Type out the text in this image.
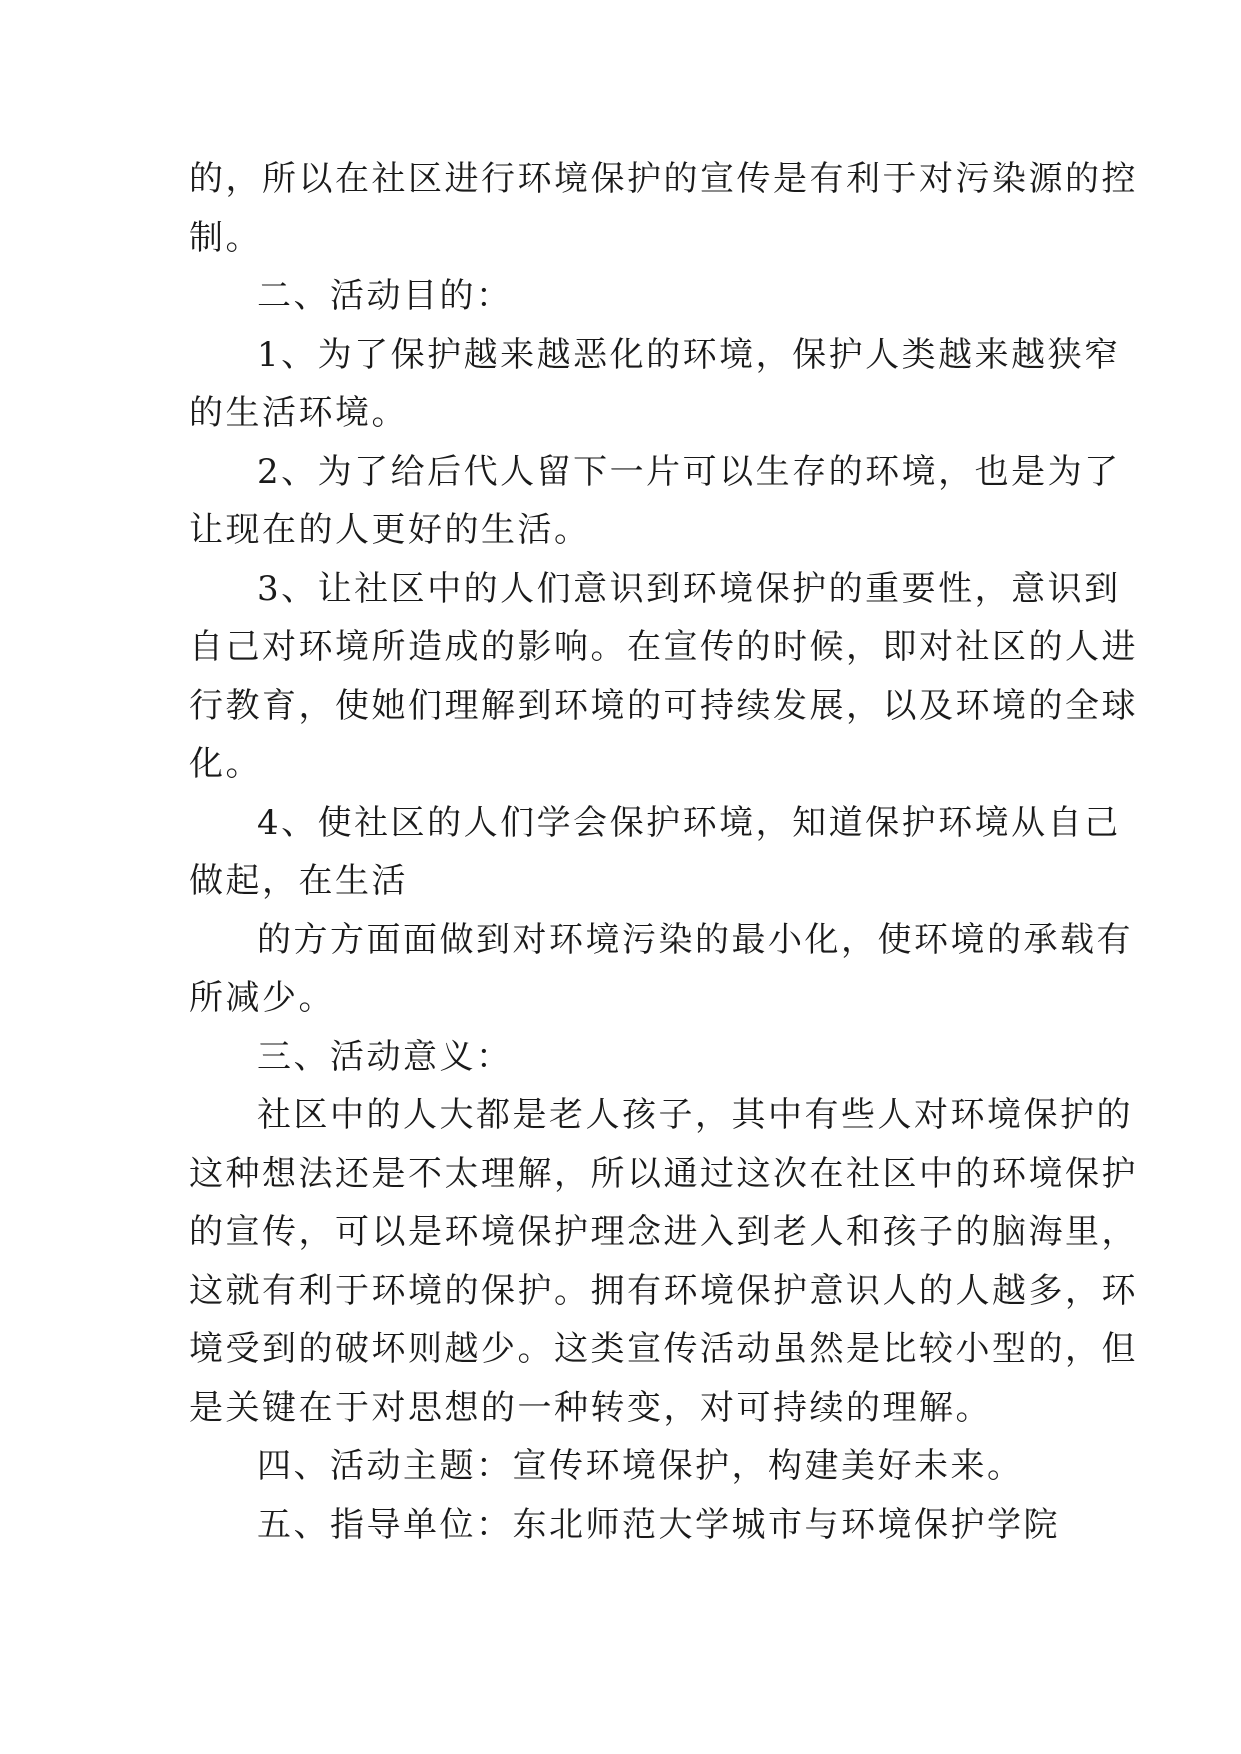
的，所以在社区进行环境保护的宣传是有利于对污染源的控
制。
二、活动目的：
1、为了保护越来越恶化的环境，保护人类越来越狭窄
的生活环境。
2、为了给后代人留下一片可以生存的环境，也是为了
让现在的人更好的生活。
3、让社区中的人们意识到环境保护的重要性，意识到
自己对环境所造成的影响。在宣传的时候，即对社区的人进
行教育，使她们理解到环境的可持续发展，以及环境的全球
化。
4、使社区的人们学会保护环境，知道保护环境从自己
做起，在生活
的方方面面做到对环境污染的最小化，使环境的承载有
所减少。
三、活动意义：
社区中的人大都是老人孩子，其中有些人对环境保护的
这种想法还是不太理解，所以通过这次在社区中的环境保护
的宣传，可以是环境保护理念进入到老人和孩子的脑海里，
这就有利于环境的保护。拥有环境保护意识人的人越多，环
境受到的破坏则越少。这类宣传活动虽然是比较小型的，但
是关键在于对思想的一种转变，对可持续的理解。
四、活动主题：宣传环境保护，构建美好未来。
五、指导单位：东北师范大学城市与环境保护学院
